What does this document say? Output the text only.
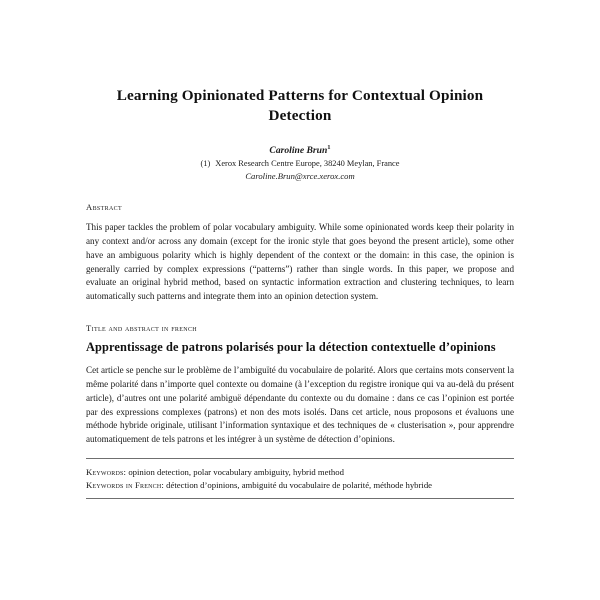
Learning Opinionated Patterns for Contextual Opinion Detection
Caroline Brun$^1$
(1) Xerox Research Centre Europe, 38240 Meylan, France
Caroline.Brun@xrce.xerox.com
Abstract

This paper tackles the problem of polar vocabulary ambiguity. While some opinionated words keep their polarity in any context and/or across any domain (except for the ironic style that goes beyond the present article), some other have an ambiguous polarity which is highly dependent of the context or the domain: in this case, the opinion is generally carried by complex expressions (“patterns”) rather than single words. In this paper, we propose and evaluate an original hybrid method, based on syntactic information extraction and clustering techniques, to learn automatically such patterns and integrate them into an opinion detection system.

Title and abstract in french
Apprentissage de patrons polarisés pour la détection contextuelle d’opinions

Cet article se penche sur le problème de l’ambiguïté du vocabulaire de polarité. Alors que certains mots conservent la même polarité dans n’importe quel contexte ou domaine (à l’exception du registre ironique qui va au-delà du présent article), d’autres ont une polarité ambiguë dépendante du contexte ou du domaine : dans ce cas l’opinion est portée par des expressions complexes (patrons) et non des mots isolés. Dans cet article, nous proposons et évaluons une méthode hybride originale, utilisant l’information syntaxique et des techniques de « clusterisation », pour apprendre automatiquement de tels patrons et les intégrer à un système de détection d’opinions.

Keywords: opinion detection, polar vocabulary ambiguity, hybrid method
Keywords in French: détection d’opinions, ambiguité du vocabulaire de polarité, méthode hybride
